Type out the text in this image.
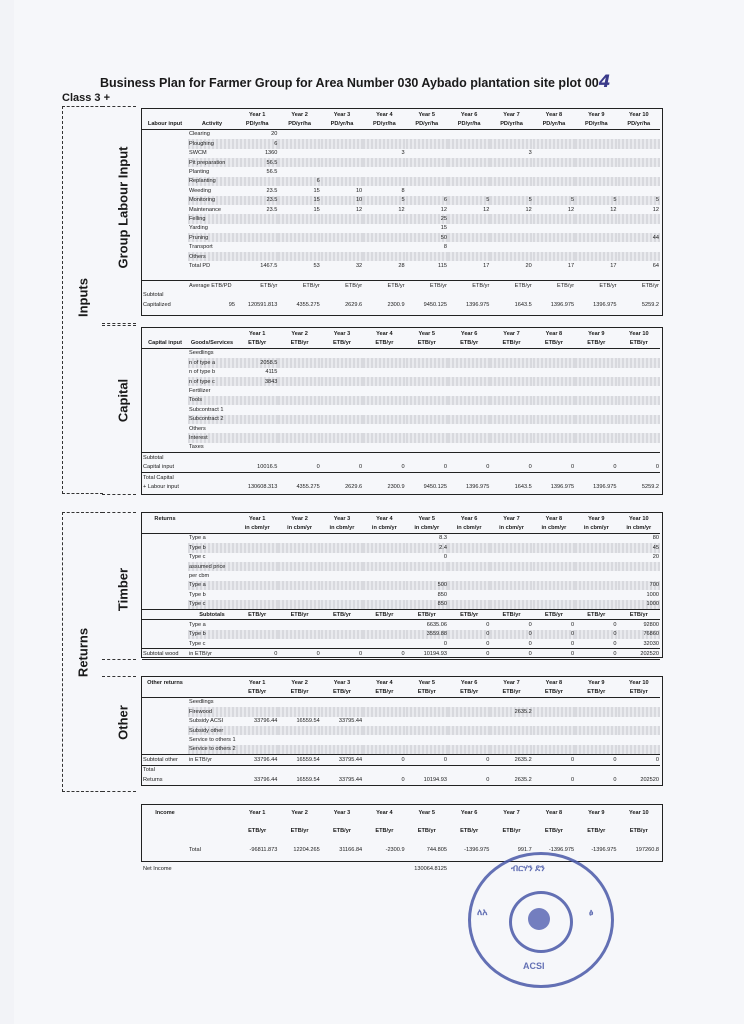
Business Plan for Farmer Group for Area Number 030 Aybado plantation site plot 004
Class 3 +
Inputs
Group Labour Input
Capital
Returns
Timber
Other
		Year 1	Year 2	Year 3	Year 4	Year 5	Year 6	Year 7	Year 8	Year 9	Year 10
Labour input	Activity	PD/yr/ha	PD/yr/ha	PD/yr/ha	PD/yr/ha	PD/yr/ha	PD/yr/ha	PD/yr/ha	PD/yr/ha	PD/yr/ha	PD/yr/ha
	Clearing	20									
	Ploughing	6									
	SWCM	1360			3			3			
	Pit preparation	56.5									
	Planting	56.5									
	Replanting		6								
	Weeding	23.5	15	10	8						
	Monitoring	23.5	15	10	5	6	5	5	5	5	5
	Maintenance	23.5	15	12	12	12	12	12	12	12	12
	Felling					25					
	Yarding					15					
	Pruning					50					44
	Transport					8					
	Others										
	Total PD	1467.5	53	32	28	115	17	20	17	17	64

	Average ETB/PD	ETB/yr	ETB/yr	ETB/yr	ETB/yr	ETB/yr	ETB/yr	ETB/yr	ETB/yr	ETB/yr	ETB/yr
Subtotal											
Capitalized	95	120591.813	4355.275	2629.6	2300.9	9450.125	1396.975	1643.5	1396.975	1396.975	5259.2
		Year 1	Year 2	Year 3	Year 4	Year 5	Year 6	Year 7	Year 8	Year 9	Year 10
Capital input	Goods/Services	ETB/yr	ETB/yr	ETB/yr	ETB/yr	ETB/yr	ETB/yr	ETB/yr	ETB/yr	ETB/yr	ETB/yr
	Seedlings										
	n of type a	2058.5									
	n of type b	4115									
	n of type c	3843									
	Fertilizer										
	Tools										
	Subcontract 1										
	Subcontract 2										
	Others										
	Interest										
	Taxes										
Subtotal											
Capital input		10016.5	0	0	0	0	0	0	0	0	0
Total Capital											
+ Labour input		130608.313	4355.275	2629.6	2300.9	9450.125	1396.975	1643.5	1396.975	1396.975	5259.2
Returns		Year 1	Year 2	Year 3	Year 4	Year 5	Year 6	Year 7	Year 8	Year 9	Year 10
		in cbm/yr	in cbm/yr	in cbm/yr	in cbm/yr	in cbm/yr	in cbm/yr	in cbm/yr	in cbm/yr	in cbm/yr	in cbm/yr
	Type a					8.3					80
	Type b					2.4					45
	Type c					0					20
	assumed price										
	per cbm										
	Type a					500					700
	Type b					850					1000
	Type c					850					1000
	Subtotals	ETB/yr	ETB/yr	ETB/yr	ETB/yr	ETB/yr	ETB/yr	ETB/yr	ETB/yr	ETB/yr	ETB/yr
	Type a					6635.06	0	0	0	0	92800
	Type b					3559.88	0	0	0	0	76860
	Type c					0	0	0	0	0	32030
Subtotal wood	in ETB/yr	0	0	0	0	10194.93	0	0	0	0	202520
Other returns		Year 1	Year 2	Year 3	Year 4	Year 5	Year 6	Year 7	Year 8	Year 9	Year 10
		ETB/yr	ETB/yr	ETB/yr	ETB/yr	ETB/yr	ETB/yr	ETB/yr	ETB/yr	ETB/yr	ETB/yr
	Seedlings										
	Firewood							2635.2			
	Subsidy ACSI	33796.44	16559.54	33795.44							
	Subsidy other										
	Service to others 1										
	Service to others 2										
Subtotal other	in ETB/yr	33796.44	16559.54	33795.44	0	0	0	2635.2	0	0	0
Total											
Returns		33796.44	16559.54	33795.44	0	10194.93	0	2635.2	0	0	202520
Income		Year 1	Year 2	Year 3	Year 4	Year 5	Year 6	Year 7	Year 8	Year 9	Year 10

		ETB/yr	ETB/yr	ETB/yr	ETB/yr	ETB/yr	ETB/yr	ETB/yr	ETB/yr	ETB/yr	ETB/yr

	Total	-96811.873	12204.265	31166.84	-2300.9	744.805	-1396.975	991.7	-1396.975	-1396.975	197260.8

Net Income						130064.8125						ብርሃን ደን
ለአ	ፅ
ACSI
